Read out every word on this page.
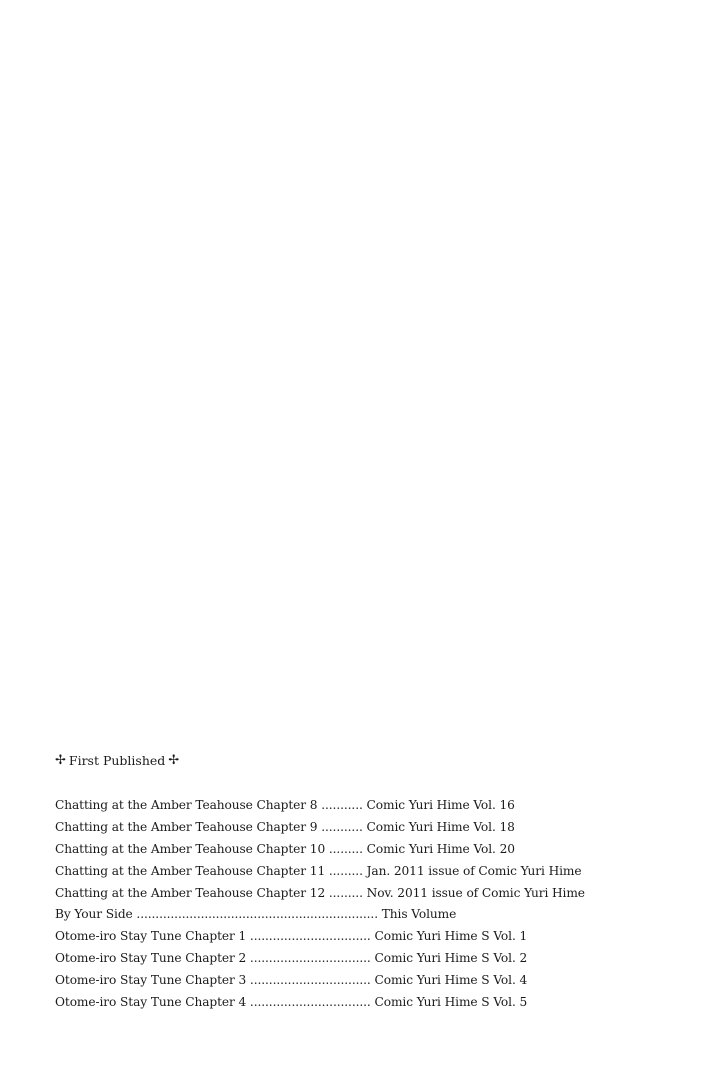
✢ First Published ✢
Chatting at the Amber Teahouse Chapter 8 ........... Comic Yuri Hime Vol. 16
Chatting at the Amber Teahouse Chapter 9 ........... Comic Yuri Hime Vol. 18
Chatting at the Amber Teahouse Chapter 10 ......... Comic Yuri Hime Vol. 20
Chatting at the Amber Teahouse Chapter 11 ......... Jan. 2011 issue of Comic Yuri Hime
Chatting at the Amber Teahouse Chapter 12 ......... Nov. 2011 issue of Comic Yuri Hime
By Your Side ................................................................ This Volume
Otome-iro Stay Tune Chapter 1 ................................ Comic Yuri Hime S Vol. 1
Otome-iro Stay Tune Chapter 2 ................................ Comic Yuri Hime S Vol. 2
Otome-iro Stay Tune Chapter 3 ................................ Comic Yuri Hime S Vol. 4
Otome-iro Stay Tune Chapter 4 ................................ Comic Yuri Hime S Vol. 5
